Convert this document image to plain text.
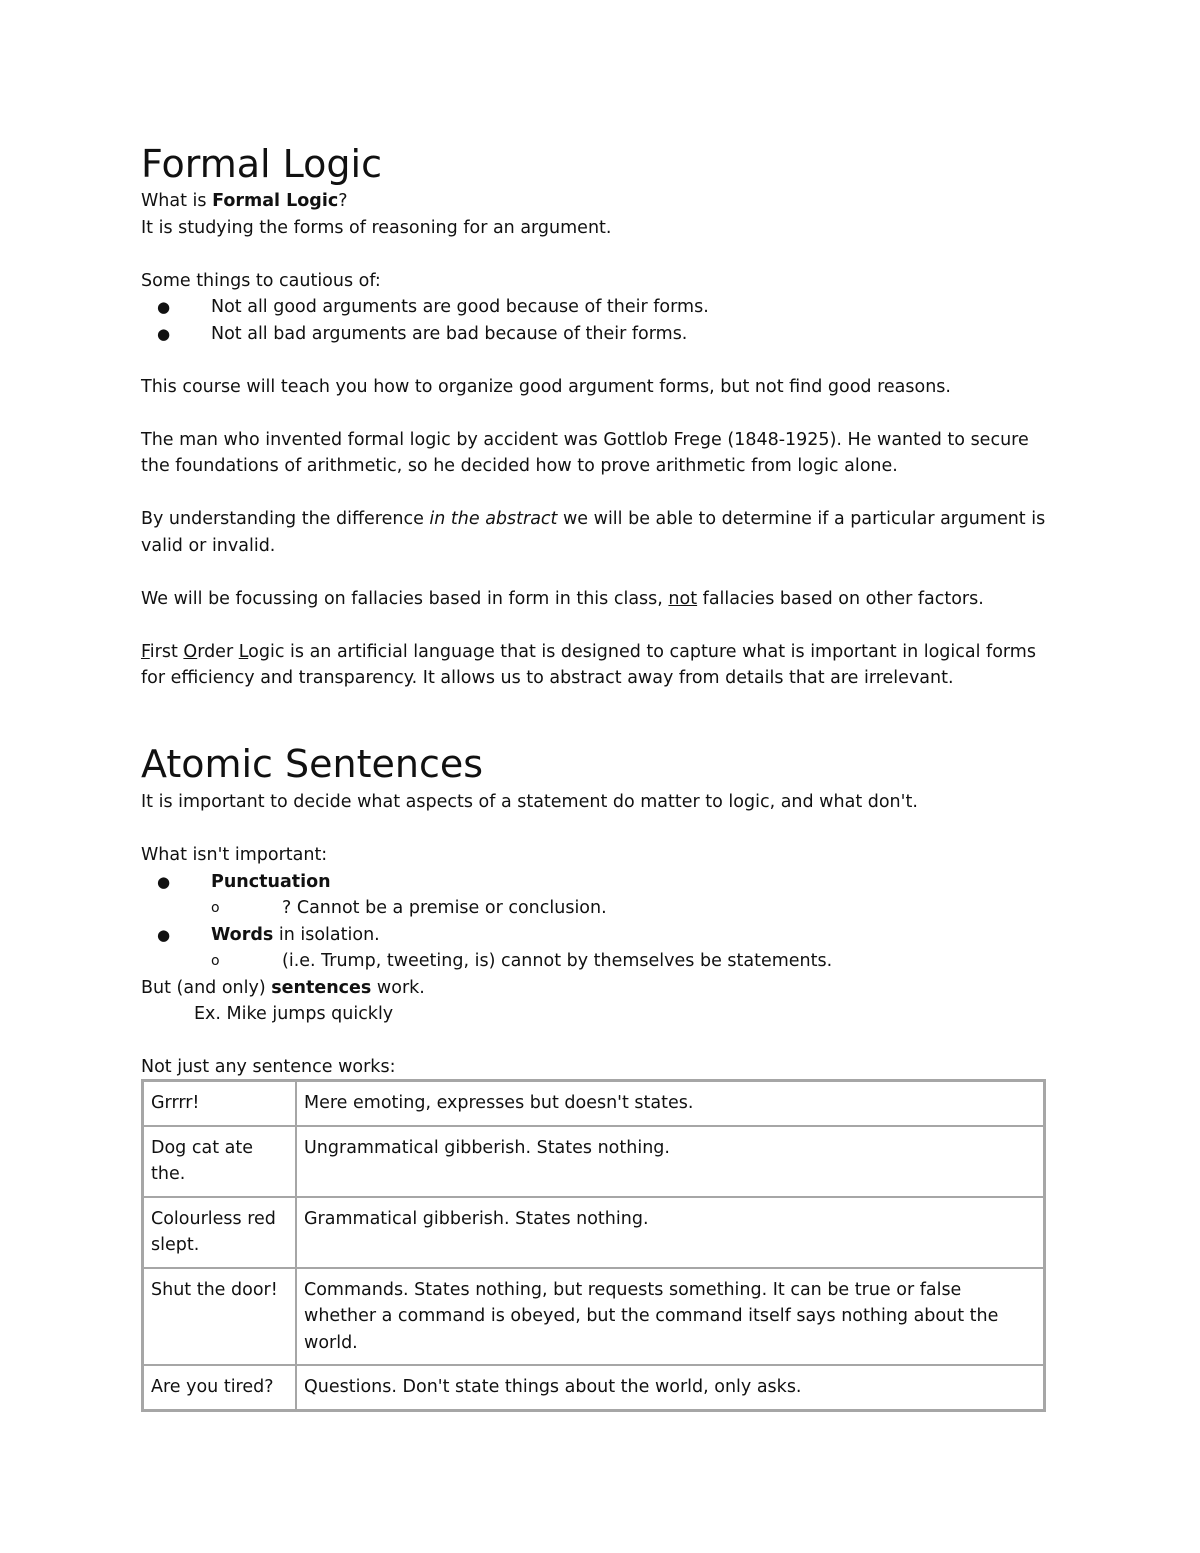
Formal Logic

What is Formal Logic?

It is studying the forms of reasoning for an argument.

Some things to cautious of:

● Not all good arguments are good because of their forms.
● Not all bad arguments are bad because of their forms.

This course will teach you how to organize good argument forms, but not find good reasons.

The man who invented formal logic by accident was Gottlob Frege (1848-1925). He wanted to secure the foundations of arithmetic, so he decided how to prove arithmetic from logic alone.

By understanding the difference in the abstract we will be able to determine if a particular argument is valid or invalid.

We will be focussing on fallacies based in form in this class, not fallacies based on other factors.

First Order Logic is an artificial language that is designed to capture what is important in logical forms for efficiency and transparency. It allows us to abstract away from details that are irrelevant.

Atomic Sentences

It is important to decide what aspects of a statement do matter to logic, and what don't.

What isn't important:

● Punctuation
o	? Cannot be a premise or conclusion.
● Words in isolation.
o	(i.e. Trump, tweeting, is) cannot by themselves be statements.

But (and only) sentences work.

Ex. Mike jumps quickly

Not just any sentence works:

Grrrr!	Mere emoting, expresses but doesn't states.
Dog cat ate the.	Ungrammatical gibberish. States nothing.
Colourless red slept.	Grammatical gibberish. States nothing.
Shut the door!	Commands. States nothing, but requests something. It can be true or false whether a command is obeyed, but the command itself says nothing about the world.
Are you tired?	Questions. Don't state things about the world, only asks.
